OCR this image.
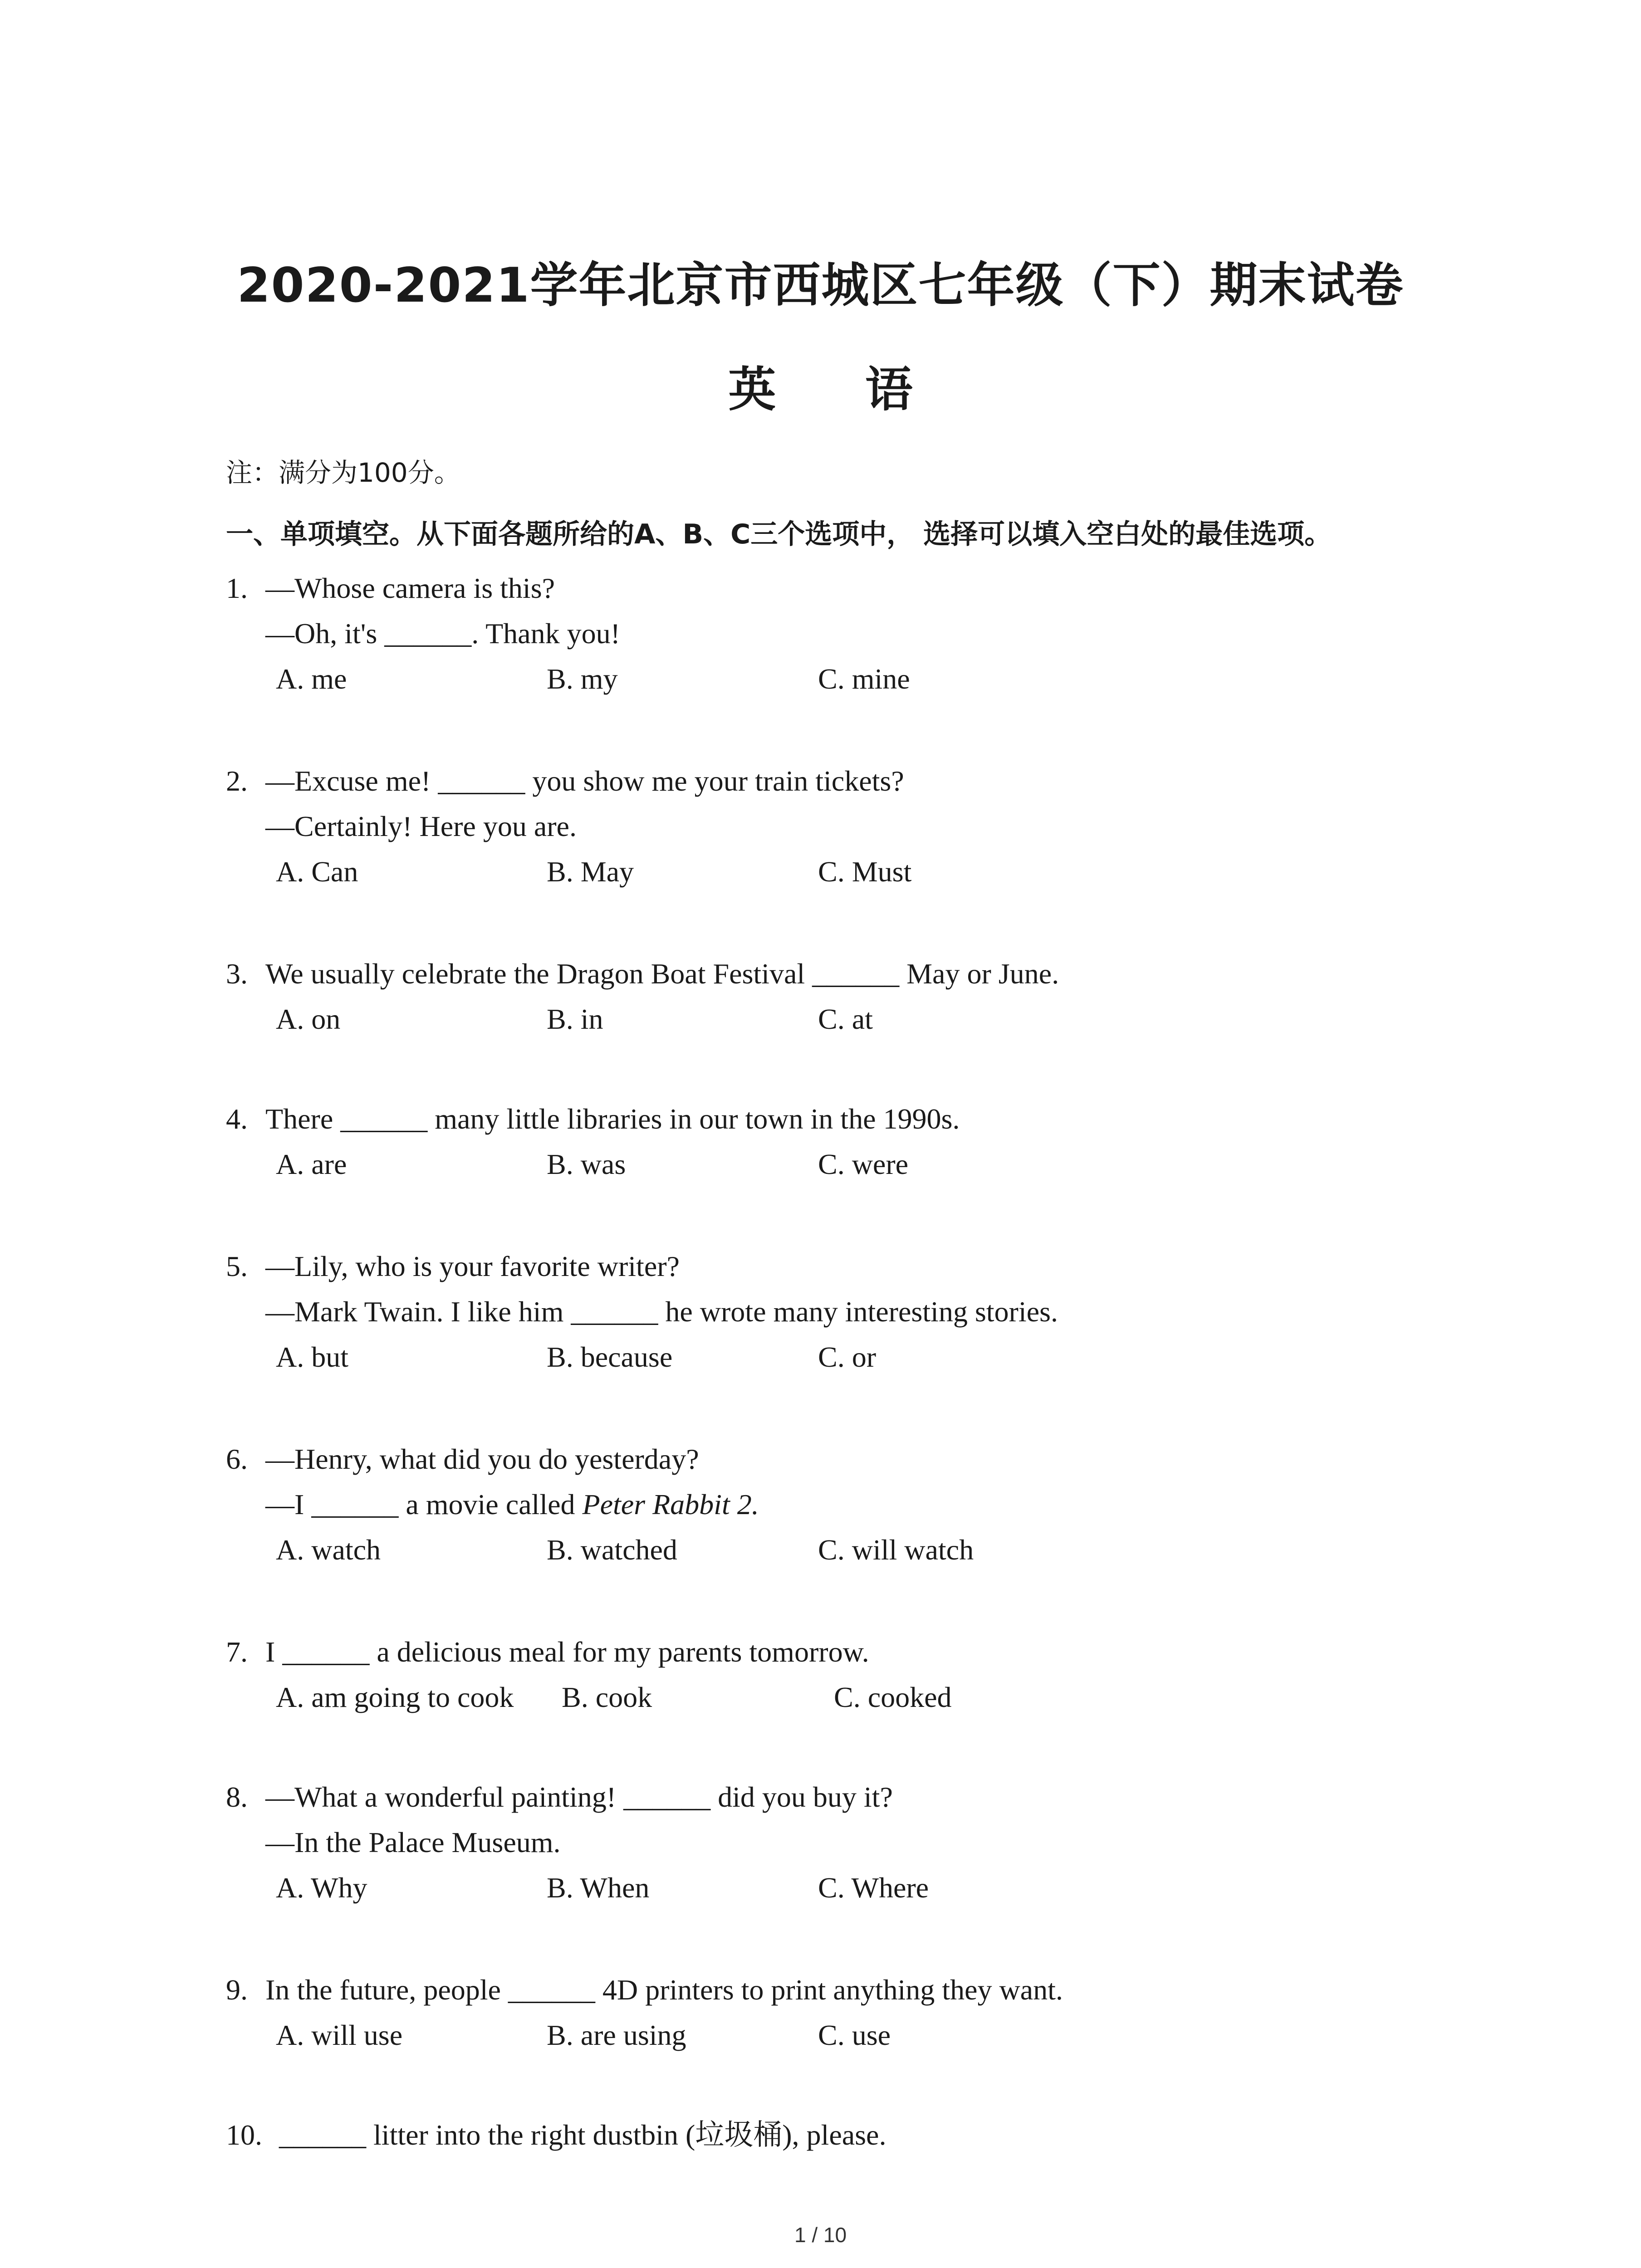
2020-2021学年北京市西城区七年级（下）期末试卷
英 语
注：满分为100分。
一、单项填空。从下面各题所给的A、B、C三个选项中， 选择可以填入空白处的最佳选项。
1. —Whose camera is this?
—Oh, it's ______. Thank you!
A. me	B. my	C. mine
2. —Excuse me! ______ you show me your train tickets?
—Certainly! Here you are.
A. Can	B. May	C. Must
3. We usually celebrate the Dragon Boat Festival ______ May or June.
A. on	B. in	C. at
4. There ______ many little libraries in our town in the 1990s.
A. are	B. was	C. were
5. —Lily, who is your favorite writer?
—Mark Twain. I like him ______ he wrote many interesting stories.
A. but	B. because	C. or
6. —Henry, what did you do yesterday?
—I ______ a movie called Peter Rabbit 2.
A. watch	B. watched	C. will watch
7. I ______ a delicious meal for my parents tomorrow.
A. am going to cook B. cook	C. cooked
8. —What a wonderful painting! ______ did you buy it?
—In the Palace Museum.
A. Why	B. When	C. Where
9. In the future, people ______ 4D printers to print anything they want.
A. will use	B. are using	C. use
10. ______ litter into the right dustbin (垃圾桶), please.
1 / 10
